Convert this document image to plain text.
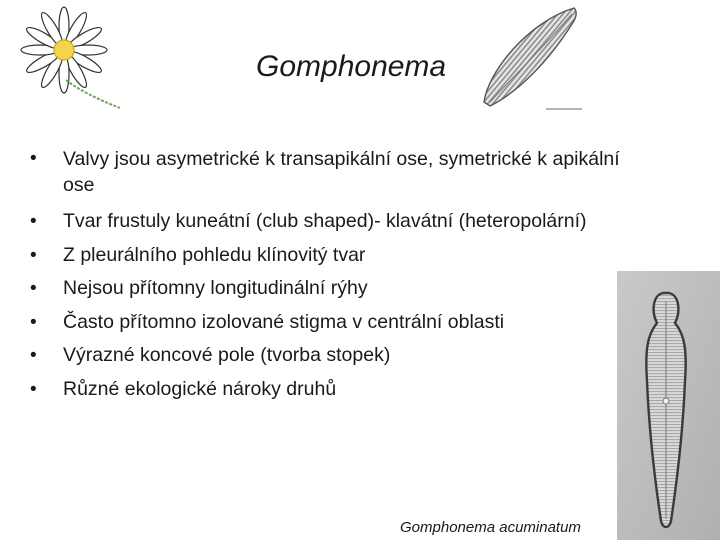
Gomphonema
• Valvy jsou asymetrické k transapikální ose, symetrické k apikální ose
• Tvar frustuly kuneátní (club shaped)- klavátní (heteropolární)
• Z pleurálního pohledu klínovitý tvar
• Nejsou přítomny longitudinální rýhy
• Často přítomno izolované stigma v centrální oblasti
• Výrazné koncové pole (tvorba stopek)
• Různé ekologické nároky druhů
Gomphonema acuminatum
